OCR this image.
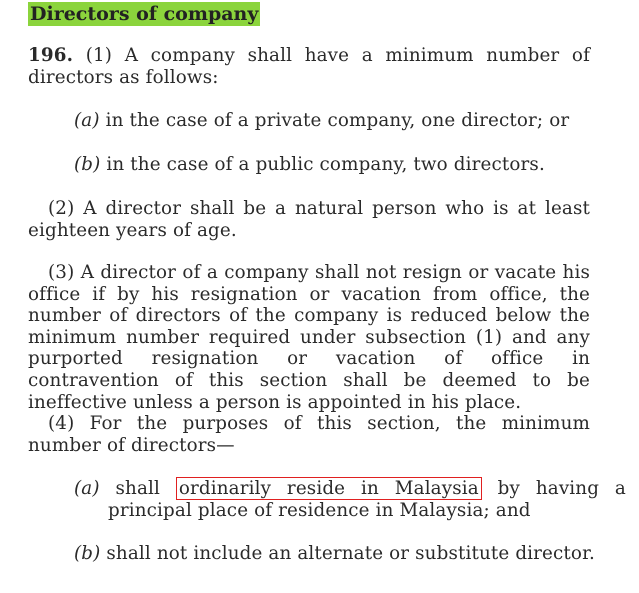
Directors of company
196. (1) A company shall have a minimum number of directors as follows:
(a) in the case of a private company, one director; or
(b) in the case of a public company, two directors.
(2) A director shall be a natural person who is at least eighteen years of age.
(3) A director of a company shall not resign or vacate his office if by his resignation or vacation from office, the number of directors of the company is reduced below the minimum number required under subsection (1) and any purported resignation or vacation of office in contravention of this section shall be deemed to be ineffective unless a person is appointed in his place.
(4) For the purposes of this section, the minimum number of directors—
(a) shall ordinarily reside in Malaysia by having a principal place of residence in Malaysia; and
(b) shall not include an alternate or substitute director.
